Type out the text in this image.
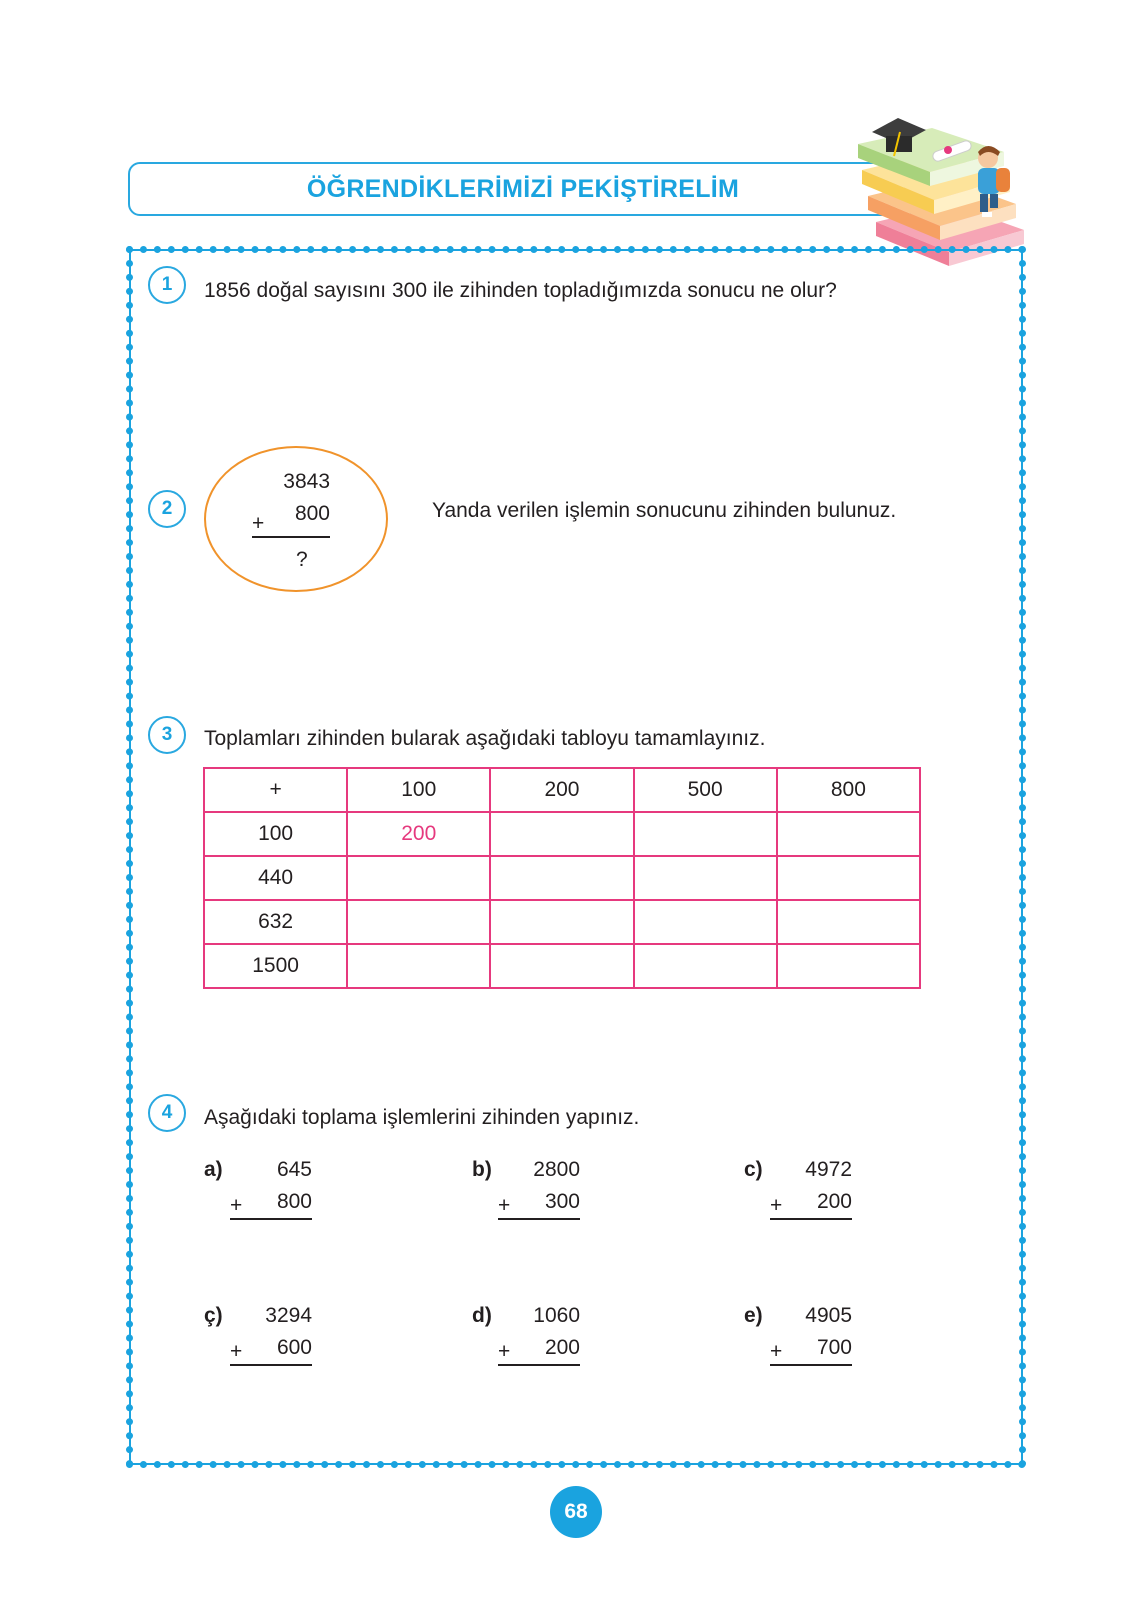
ÖĞRENDİKLERİMİZİ PEKİŞTİRELİM
1	1856 doğal sayısını 300 ile zihinden topladığımızda sonucu ne olur?
2
3843
+	800
?
Yanda verilen işlemin sonucunu zihinden bulunuz.
3	Toplamları zihinden bularak aşağıdaki tabloyu tamamlayınız.
+	100	200	500	800
100	200			
440				
632				
1500				
4	Aşağıdaki toplama işlemlerini zihinden yapınız.
a)	645
+	800
b)	2800
+	300
c)	4972
+	200
ç)	3294
+	600
d)	1060
+	200
e)	4905
+	700
68
